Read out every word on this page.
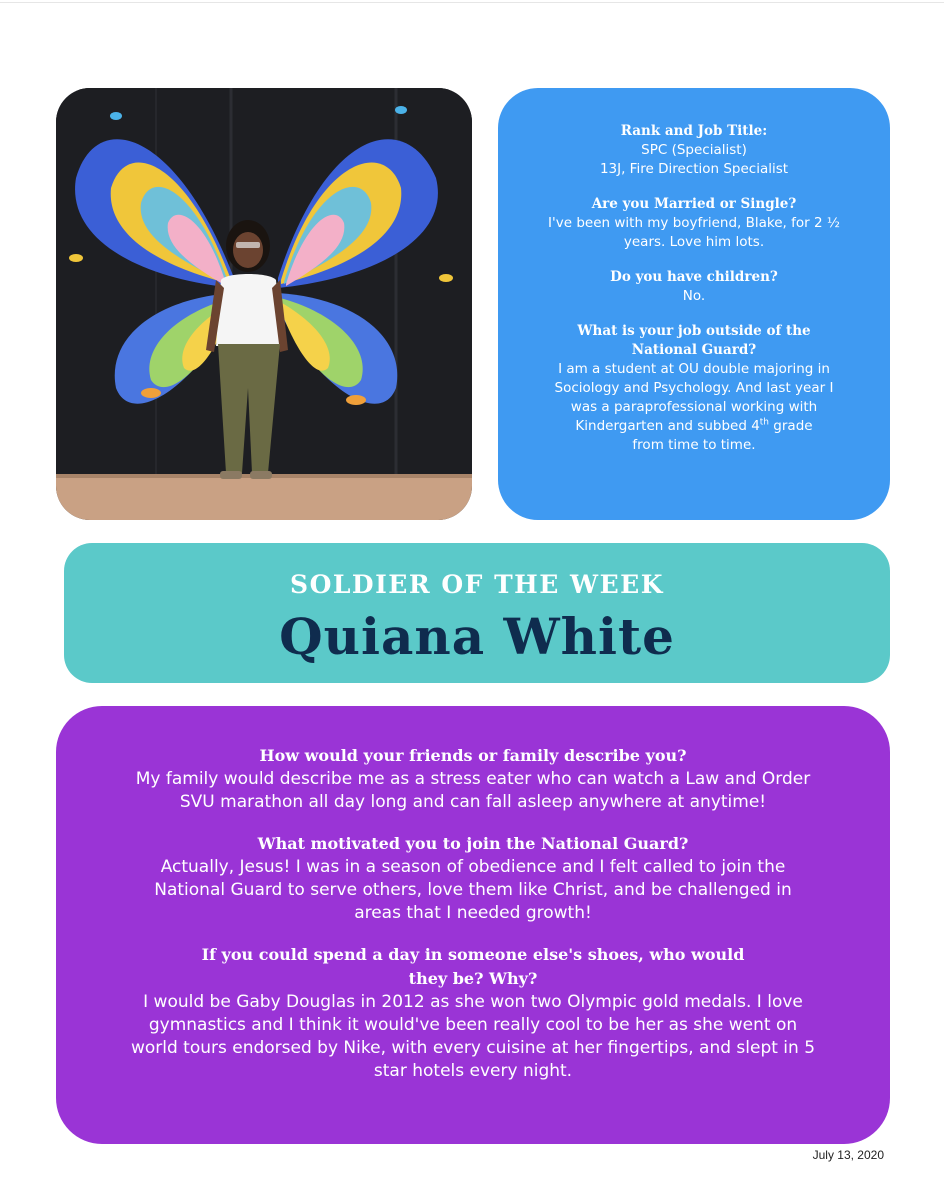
Rank and Job Title:

SPC (Specialist)
13J, Fire Direction Specialist

Are you Married or Single?

I've been with my boyfriend, Blake, for 2 ½
years. Love him lots.

Do you have children?

No.

What is your job outside of the
National Guard?

I am a student at OU double majoring in
Sociology and Psychology. And last year I
was a paraprofessional working with
Kindergarten and subbed 4th grade
from time to time.

SOLDIER OF THE WEEK
Quiana White

How would your friends or family describe you?

My family would describe me as a stress eater who can watch a Law and Order
SVU marathon all day long and can fall asleep anywhere at anytime!

What motivated you to join the National Guard?

Actually, Jesus! I was in a season of obedience and I felt called to join the
National Guard to serve others, love them like Christ, and be challenged in
areas that I needed growth!

If you could spend a day in someone else's shoes, who would
they be? Why?

I would be Gaby Douglas in 2012 as she won two Olympic gold medals. I love
gymnastics and I think it would've been really cool to be her as she went on
world tours endorsed by Nike, with every cuisine at her fingertips, and slept in 5
star hotels every night.

July 13, 2020
